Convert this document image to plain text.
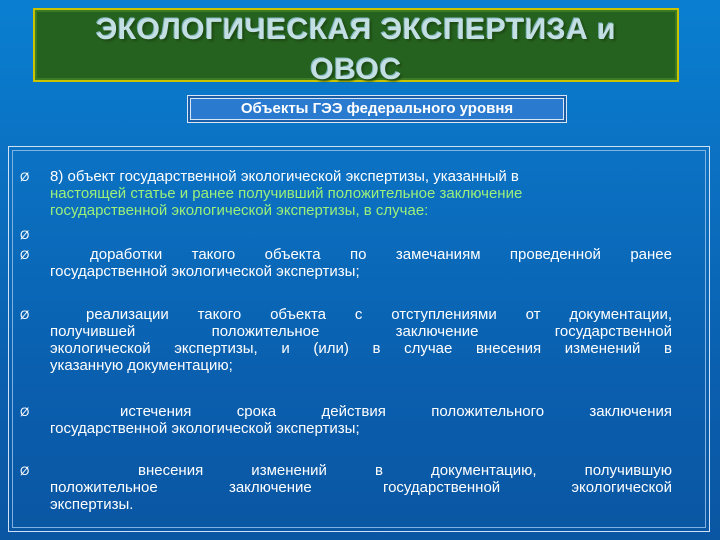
ЭКОЛОГИЧЕСКАЯ ЭКСПЕРТИЗА и
ОВОС
Объекты ГЭЭ федерального уровня
Ø 8) объект государственной экологической экспертизы, указанный в
настоящей статье и ранее получивший положительное заключение
государственной экологической экспертизы, в случае:
Ø
Ø	доработки такого объекта по замечаниям проведенной ранее
государственной экологической экспертизы;
Ø	реализации такого объекта с отступлениями от документации,
получившей положительное заключение государственной
экологической экспертизы, и (или) в случае внесения изменений в
указанную документацию;
Ø	истечения срока действия положительного заключения
государственной экологической экспертизы;
Ø	внесения изменений в документацию, получившую
положительное заключение государственной экологической
экспертизы.
